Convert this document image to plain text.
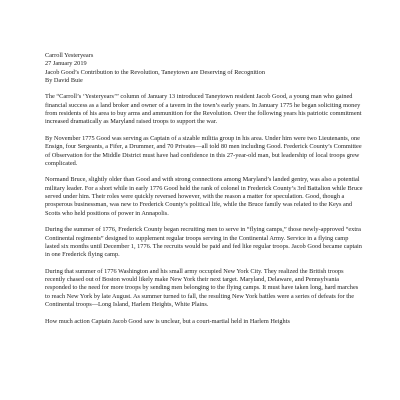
Carroll Yesteryears
27 January 2019
Jacob Good’s Contribution to the Revolution, Taneytown are Deserving of Recognition
By David Buie

The “Carroll’s ‘Yesteryears’” column of January 13 introduced Taneytown resident Jacob Good, a young man who gained financial success as a land broker and owner of a tavern in the town’s early years. In January 1775 he began soliciting money from residents of his area to buy arms and ammunition for the Revolution. Over the following years his patriotic commitment increased dramatically as Maryland raised troops to support the war.

By November 1775 Good was serving as Captain of a sizable militia group in his area. Under him were two Lieutenants, one Ensign, four Sergeants, a Fifer, a Drummer, and 70 Privates—all told 80 men including Good. Frederick County’s Committee of Observation for the Middle District must have had confidence in this 27-year-old man, but leadership of local troops grew complicated.

Normand Bruce, slightly older than Good and with strong connections among Maryland’s landed gentry, was also a potential military leader. For a short while in early 1776 Good held the rank of colonel in Frederick County’s 3rd Battalion while Bruce served under him. Their roles were quickly reversed however, with the reason a matter for speculation. Good, though a prosperous businessman, was new to Frederick County’s political life, while the Bruce family was related to the Keys and Scotts who held positions of power in Annapolis.

During the summer of 1776, Frederick County began recruiting men to serve in “flying camps,” those newly-approved “extra Continental regiments” designed to supplement regular troops serving in the Continental Army. Service in a flying camp lasted six months until December 1, 1776. The recruits would be paid and fed like regular troops. Jacob Good became captain in one Frederick flying camp.

During that summer of 1776 Washington and his small army occupied New York City. They realized the British troops recently chased out of Boston would likely make New York their next target. Maryland, Delaware, and Pennsylvania responded to the need for more troops by sending men belonging to the flying camps. It must have taken long, hard marches to reach New York by late August. As summer turned to fall, the resulting New York battles were a series of defeats for the Continental troops—Long Island, Harlem Heights, White Plains.

How much action Captain Jacob Good saw is unclear, but a court-martial held in Harlem Heights
